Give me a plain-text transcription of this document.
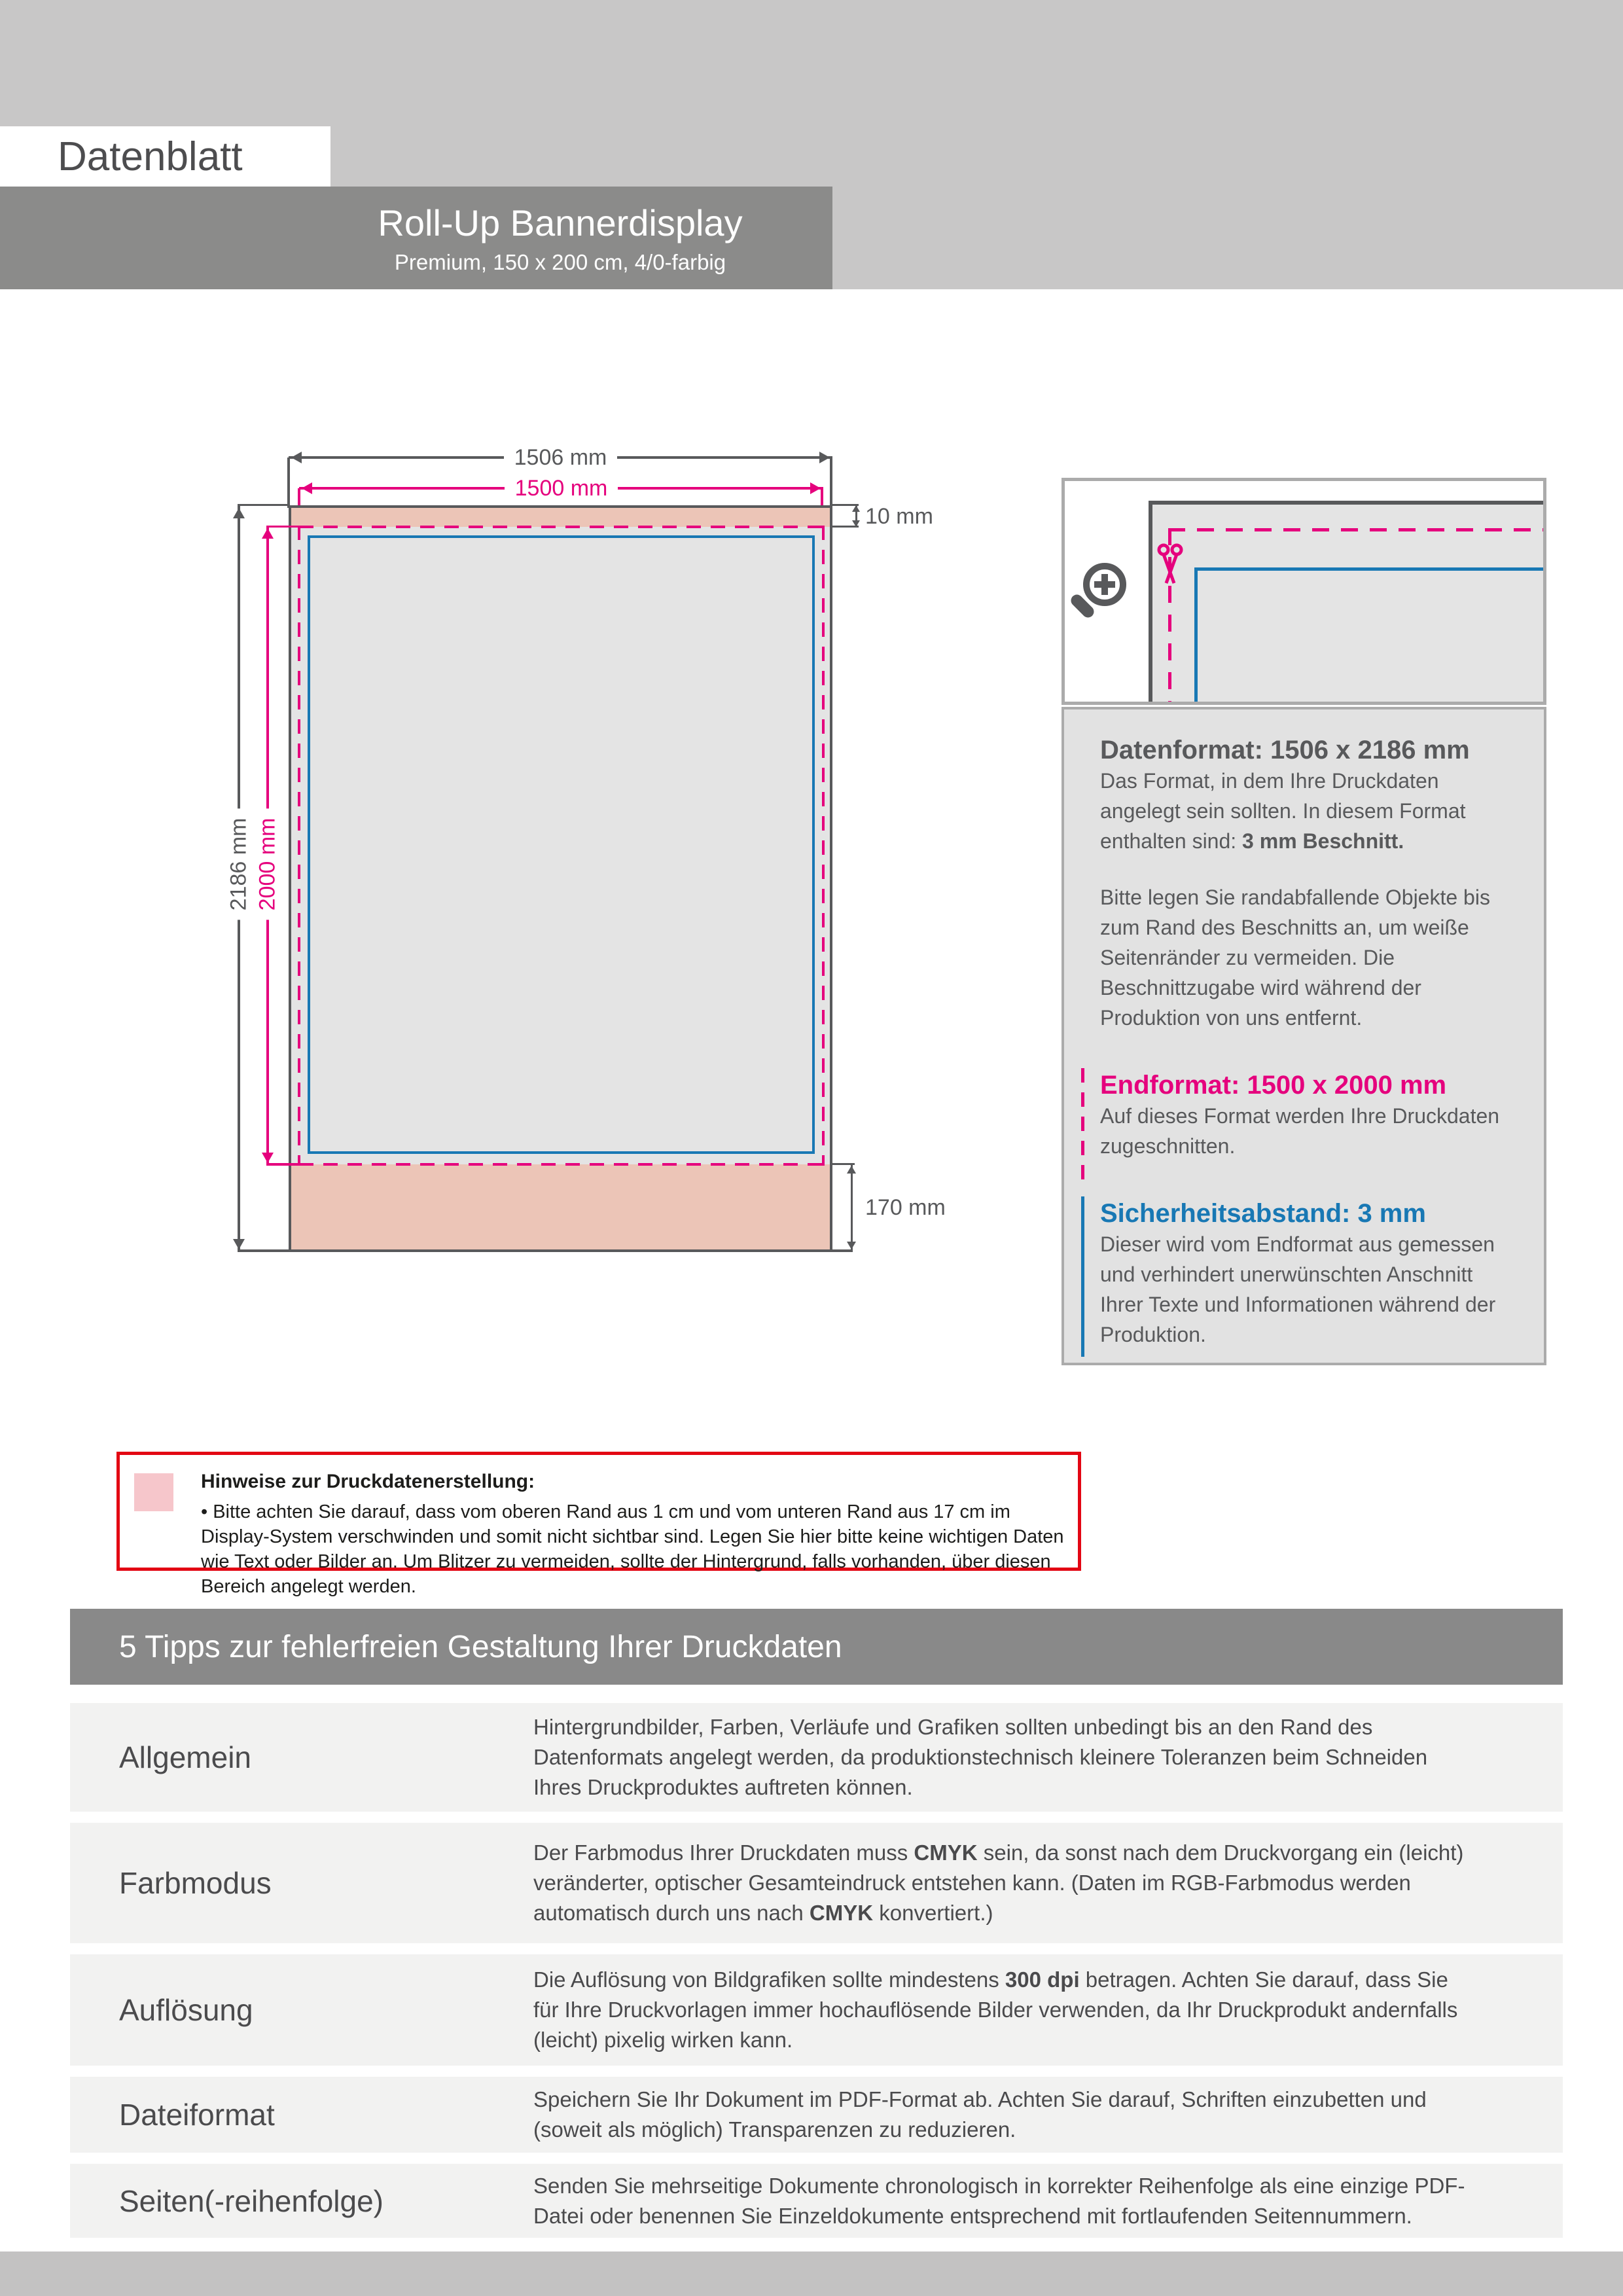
Datenblatt
Roll-Up Bannerdisplay
Premium, 150 x 200 cm, 4/0-farbig
1506 mm
1500 mm
2186 mm 2000 mm
10 mm
170 mm
Datenformat: 1506 x 2186 mm
Das Format, in dem Ihre Druckdaten angelegt sein sollten. In diesem Format enthalten sind: 3 mm Beschnitt.
Bitte legen Sie randabfallende Objekte bis zum Rand des Beschnitts an, um weiße Seitenränder zu vermeiden. Die Beschnittzugabe wird während der Produktion von uns entfernt.
Endformat: 1500 x 2000 mm
Auf dieses Format werden Ihre Druckdaten zugeschnitten.
Sicherheitsabstand: 3 mm
Dieser wird vom Endformat aus gemessen und verhindert unerwünschten Anschnitt Ihrer Texte und Informationen während der Produktion.
Hinweise zur Druckdatenerstellung:
• Bitte achten Sie darauf, dass vom oberen Rand aus 1 cm und vom unteren Rand aus 17 cm im Display-System verschwinden und somit nicht sichtbar sind. Legen Sie hier bitte keine wichtigen Daten wie Text oder Bilder an. Um Blitzer zu vermeiden, sollte der Hintergrund, falls vorhanden, über diesen Bereich angelegt werden.
5 Tipps zur fehlerfreien Gestaltung Ihrer Druckdaten
Allgemein
Hintergrundbilder, Farben, Verläufe und Grafiken sollten unbedingt bis an den Rand des Datenformats angelegt werden, da produktionstechnisch kleinere Toleranzen beim Schneiden Ihres Druckproduktes auftreten können.
Farbmodus
Der Farbmodus Ihrer Druckdaten muss CMYK sein, da sonst nach dem Druckvorgang ein (leicht) veränderter, optischer Gesamteindruck entstehen kann. (Daten im RGB-Farbmodus werden automatisch durch uns nach CMYK konvertiert.)
Auflösung
Die Auflösung von Bildgrafiken sollte mindestens 300 dpi betragen. Achten Sie darauf, dass Sie für Ihre Druckvorlagen immer hochauflösende Bilder verwenden, da Ihr Druckprodukt andernfalls (leicht) pixelig wirken kann.
Dateiformat	Speichern Sie Ihr Dokument im PDF-Format ab. Achten Sie darauf, Schriften einzubetten und (soweit als möglich) Transparenzen zu reduzieren.
Seiten(-reihenfolge)	Senden Sie mehrseitige Dokumente chronologisch in korrekter Reihenfolge als eine einzige PDF-Datei oder benennen Sie Einzeldokumente entsprechend mit fortlaufenden Seitennummern.
